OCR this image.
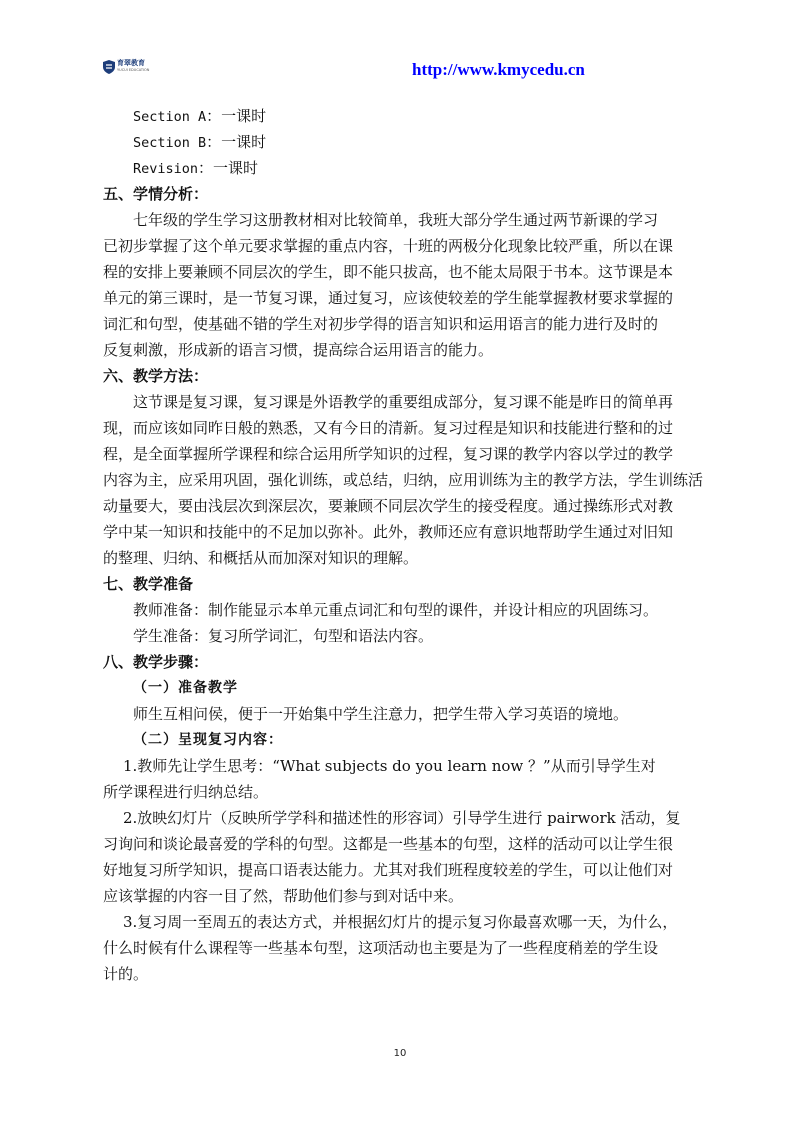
育翠教育
YUCUI EDUCATION	http://www.kmycedu.cn
Section A：一课时
Section B：一课时
Revision：一课时
五、学情分析：
七年级的学生学习这册教材相对比较简单，我班大部分学生通过两节新课的学习
已初步掌握了这个单元要求掌握的重点内容，十班的两极分化现象比较严重，所以在课
程的安排上要兼顾不同层次的学生，即不能只拔高，也不能太局限于书本。这节课是本
单元的第三课时，是一节复习课，通过复习，应该使较差的学生能掌握教材要求掌握的
词汇和句型，使基础不错的学生对初步学得的语言知识和运用语言的能力进行及时的
反复刺激，形成新的语言习惯，提高综合运用语言的能力。
六、教学方法：
这节课是复习课，复习课是外语教学的重要组成部分，复习课不能是昨日的简单再
现，而应该如同昨日般的熟悉，又有今日的清新。复习过程是知识和技能进行整和的过
程，是全面掌握所学课程和综合运用所学知识的过程，复习课的教学内容以学过的教学
内容为主，应采用巩固，强化训练，或总结，归纳，应用训练为主的教学方法，学生训练活
动量要大，要由浅层次到深层次，要兼顾不同层次学生的接受程度。通过操练形式对教
学中某一知识和技能中的不足加以弥补。此外，教师还应有意识地帮助学生通过对旧知
的整理、归纳、和概括从而加深对知识的理解。
七、教学准备
教师准备：制作能显示本单元重点词汇和句型的课件，并设计相应的巩固练习。
学生准备：复习所学词汇，句型和语法内容。
八、教学步骤：
（一）准备教学
师生互相问侯，便于一开始集中学生注意力，把学生带入学习英语的境地。
（二）呈现复习内容：
1.教师先让学生思考：“What subjects do you learn now ？”从而引导学生对
所学课程进行归纳总结。
2.放映幻灯片（反映所学学科和描述性的形容词）引导学生进行 pairwork 活动，复
习询问和谈论最喜爱的学科的句型。这都是一些基本的句型，这样的活动可以让学生很
好地复习所学知识，提高口语表达能力。尤其对我们班程度较差的学生，可以让他们对
应该掌握的内容一目了然，帮助他们参与到对话中来。
3.复习周一至周五的表达方式，并根据幻灯片的提示复习你最喜欢哪一天，为什么，
什么时候有什么课程等一些基本句型，这项活动也主要是为了一些程度稍差的学生设
计的。
10
